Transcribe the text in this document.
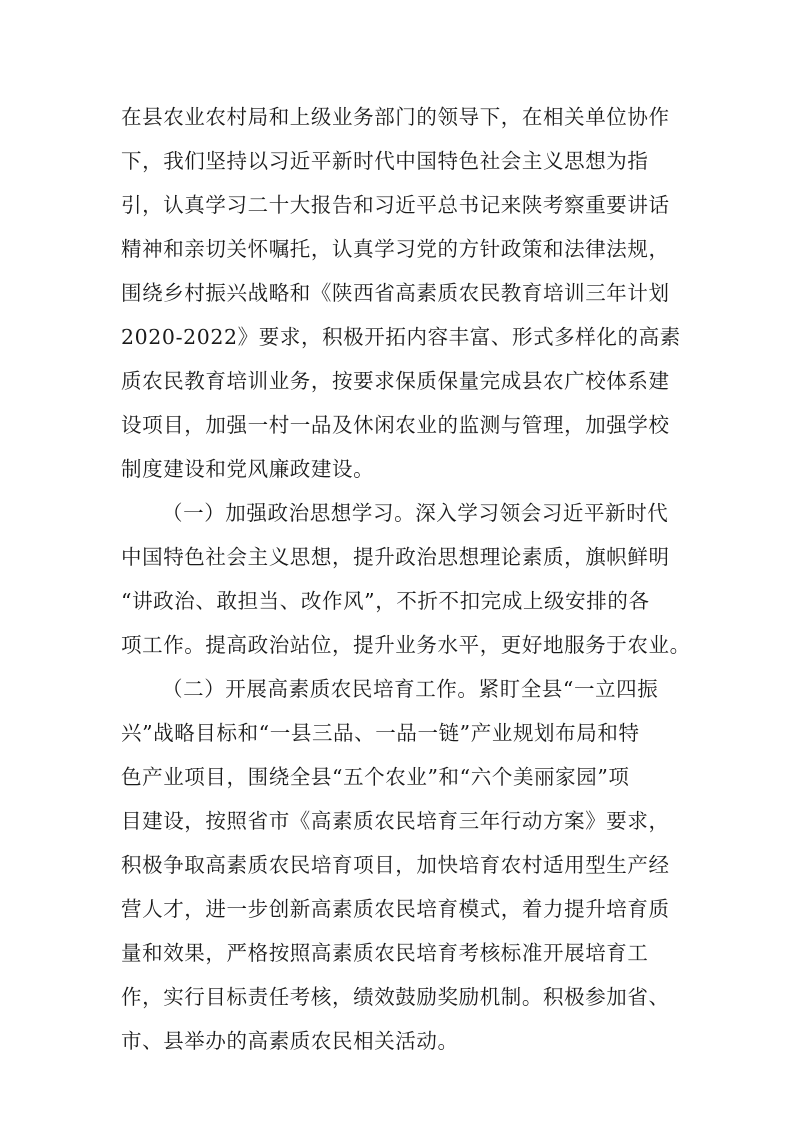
在县农业农村局和上级业务部门的领导下，在相关单位协作
下，我们坚持以习近平新时代中国特色社会主义思想为指
引，认真学习二十大报告和习近平总书记来陕考察重要讲话
精神和亲切关怀嘱托，认真学习党的方针政策和法律法规，
围绕乡村振兴战略和《陕西省高素质农民教育培训三年计划
2020-2022》要求，积极开拓内容丰富、形式多样化的高素
质农民教育培训业务，按要求保质保量完成县农广校体系建
设项目，加强一村一品及休闲农业的监测与管理，加强学校
制度建设和党风廉政建设。
（一）加强政治思想学习。深入学习领会习近平新时代
中国特色社会主义思想，提升政治思想理论素质，旗帜鲜明
“讲政治、敢担当、改作风”，不折不扣完成上级安排的各
项工作。提高政治站位，提升业务水平，更好地服务于农业。
（二）开展高素质农民培育工作。紧盯全县“一立四振
兴”战略目标和“一县三品、一品一链”产业规划布局和特
色产业项目，围绕全县“五个农业”和“六个美丽家园”项
目建设，按照省市《高素质农民培育三年行动方案》要求，
积极争取高素质农民培育项目，加快培育农村适用型生产经
营人才，进一步创新高素质农民培育模式，着力提升培育质
量和效果，严格按照高素质农民培育考核标准开展培育工
作，实行目标责任考核，绩效鼓励奖励机制。积极参加省、
市、县举办的高素质农民相关活动。
